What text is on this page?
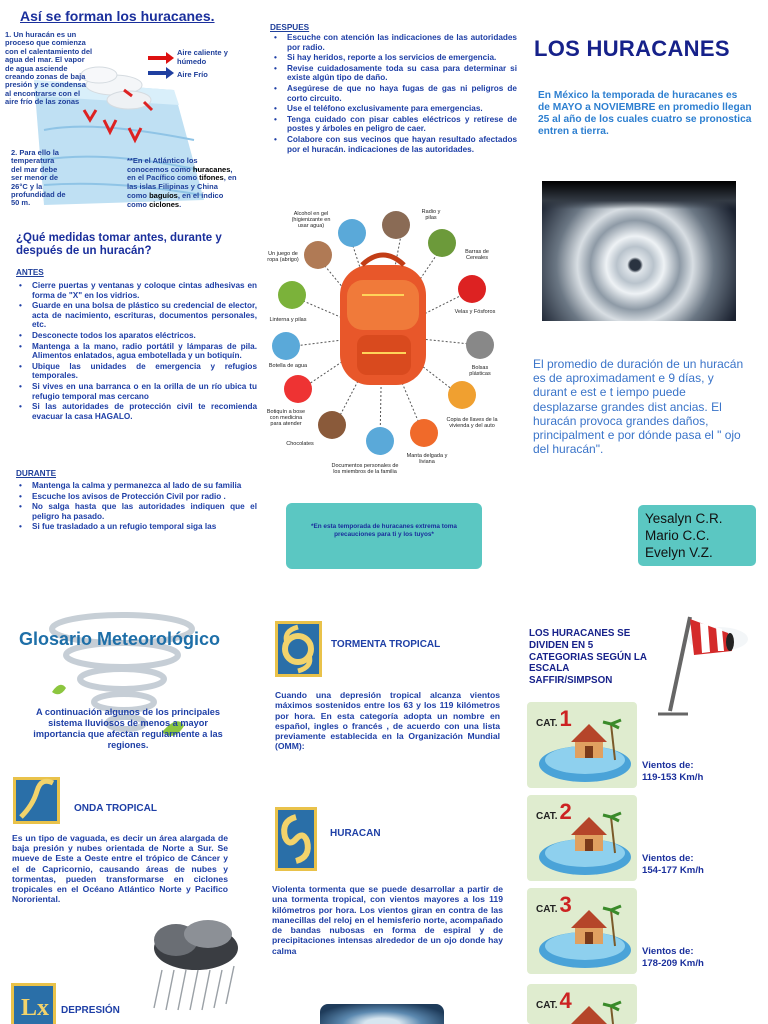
Así se forman los huracanes.
1. Un huracán es un proceso que comienza con el calentamiento del agua del mar. El vapor de agua asciende creando zonas de baja presión y se condensa al encontrarse con el aire frío de las zonas
Aire caliente y húmedo
Aire Frío
2. Para ello la temperatura del mar debe ser menor de 26°C y la profundidad de 50 m.
**En el Atlántico los conocemos como huracanes, en el Pacífico como tifones, en las islas Filipinas y China como baguíos, en el índico como ciclones.
¿Qué medidas tomar antes, durante y después de un huracán?
ANTES
• Cierre puertas y ventanas y coloque cintas adhesivas en forma de "X" en los vidrios.
• Guarde en una bolsa de plástico su credencial de elector, acta de nacimiento, escrituras, documentos personales, etc.
• Desconecte todos los aparatos eléctricos.
• Mantenga a la mano, radio portátil y lámparas de pila. Alimentos enlatados, agua embotellada y un botiquín.
• Ubique las unidades de emergencia y refugios temporales.
• Si vives en una barranca o en la orilla de un río ubica tu refugio temporal mas cercano
• Si las autoridades de protección civil te recomienda evacuar la casa HAGALO.
DURANTE
• Mantenga la calma y permanezca al lado de su familia
• Escuche los avisos de Protección Civil por radio .
• No salga hasta que las autoridades indiquen que el peligro ha pasado.
• Si fue trasladado a un refugio temporal siga las
DESPUES
• Escuche con atención las indicaciones de las autoridades por radio.
• Si hay heridos, reporte a los servicios de emergencia.
• Revise cuidadosamente toda su casa para determinar si existe algún tipo de daño.
• Asegúrese de que no haya fugas de gas ni peligros de corto circuito.
• Use el teléfono exclusivamente para emergencias.
• Tenga cuidado con pisar cables eléctricos y retírese de postes y árboles en peligro de caer.
• Colabore con sus vecinos que hayan resultado afectados por el huracán. indicaciones de las autoridades.
Alcohol en gel (higienizante en usar agua)
Radio y pilas
Barras de Cereales
Un juego de ropa (abrigo)
Linterna y pilas
Velas y Fósforos
Botella de agua	Bolsas plásticas
Botiquín a bose con medicina para atender
Copia de llaves de la vivienda y del auto
Chocolates
Manta delgada y liviana
Documentos personales de los miembros de la familia
*En esta temporada de huracanes extrema toma precauciones para ti y los tuyos*
LOS HURACANES
En México la temporada de huracanes es de MAYO a NOVIEMBRE en promedio llegan 25 al año de los cuales cuatro se pronostica entren a tierra.
El promedio de duración de un huracán es de aproximadament e 9 días, y durant e est e t iempo puede desplazarse grandes dist ancias. El huracán provoca grandes daños, principalment e por dónde pasa el " ojo del huracán".
Yesalyn C.R.
Mario C.C.
Evelyn V.Z.
Glosario Meteorológico
A continuación algunos de los principales sistema lluviosos de menos a mayor importancia que afectan regularmente a las regiones.
ONDA TROPICAL
Es un tipo de vaguada, es decir un área alargada de baja presión y nubes orientada de Norte a Sur. Se mueve de Este a Oeste entre el trópico de Cáncer y el de Capricornio, causando áreas de nubes y tormentas, pueden transformarse en ciclones tropicales en el Océano Atlántico Norte y Pacifico Nororiental.
Lx DEPRESIÓN
TORMENTA TROPICAL
Cuando una depresión tropical alcanza vientos máximos sostenidos entre los 63 y los 119 kilómetros por hora. En esta categoría adopta un nombre en español, ingles o francés , de acuerdo con una lista previamente establecida en la Organización Mundial (OMM):
HURACAN
Violenta tormenta que se puede desarrollar a partir de una tormenta tropical, con vientos mayores a los 119 kilómetros por hora. Los vientos giran en contra de las manecillas del reloj en el hemisferio norte, acompañado de bandas nubosas en forma de espiral y de precipitaciones intensas alrededor de un ojo donde hay calma
LOS HURACANES SE DIVIDEN EN 5 CATEGORIAS SEGÚN LA ESCALA SAFFIR/SIMPSON
CAT.1
Vientos de:
119-153 Km/h
CAT.2
Vientos de:
154-177 Km/h
CAT.3
Vientos de:
178-209 Km/h
CAT.4
